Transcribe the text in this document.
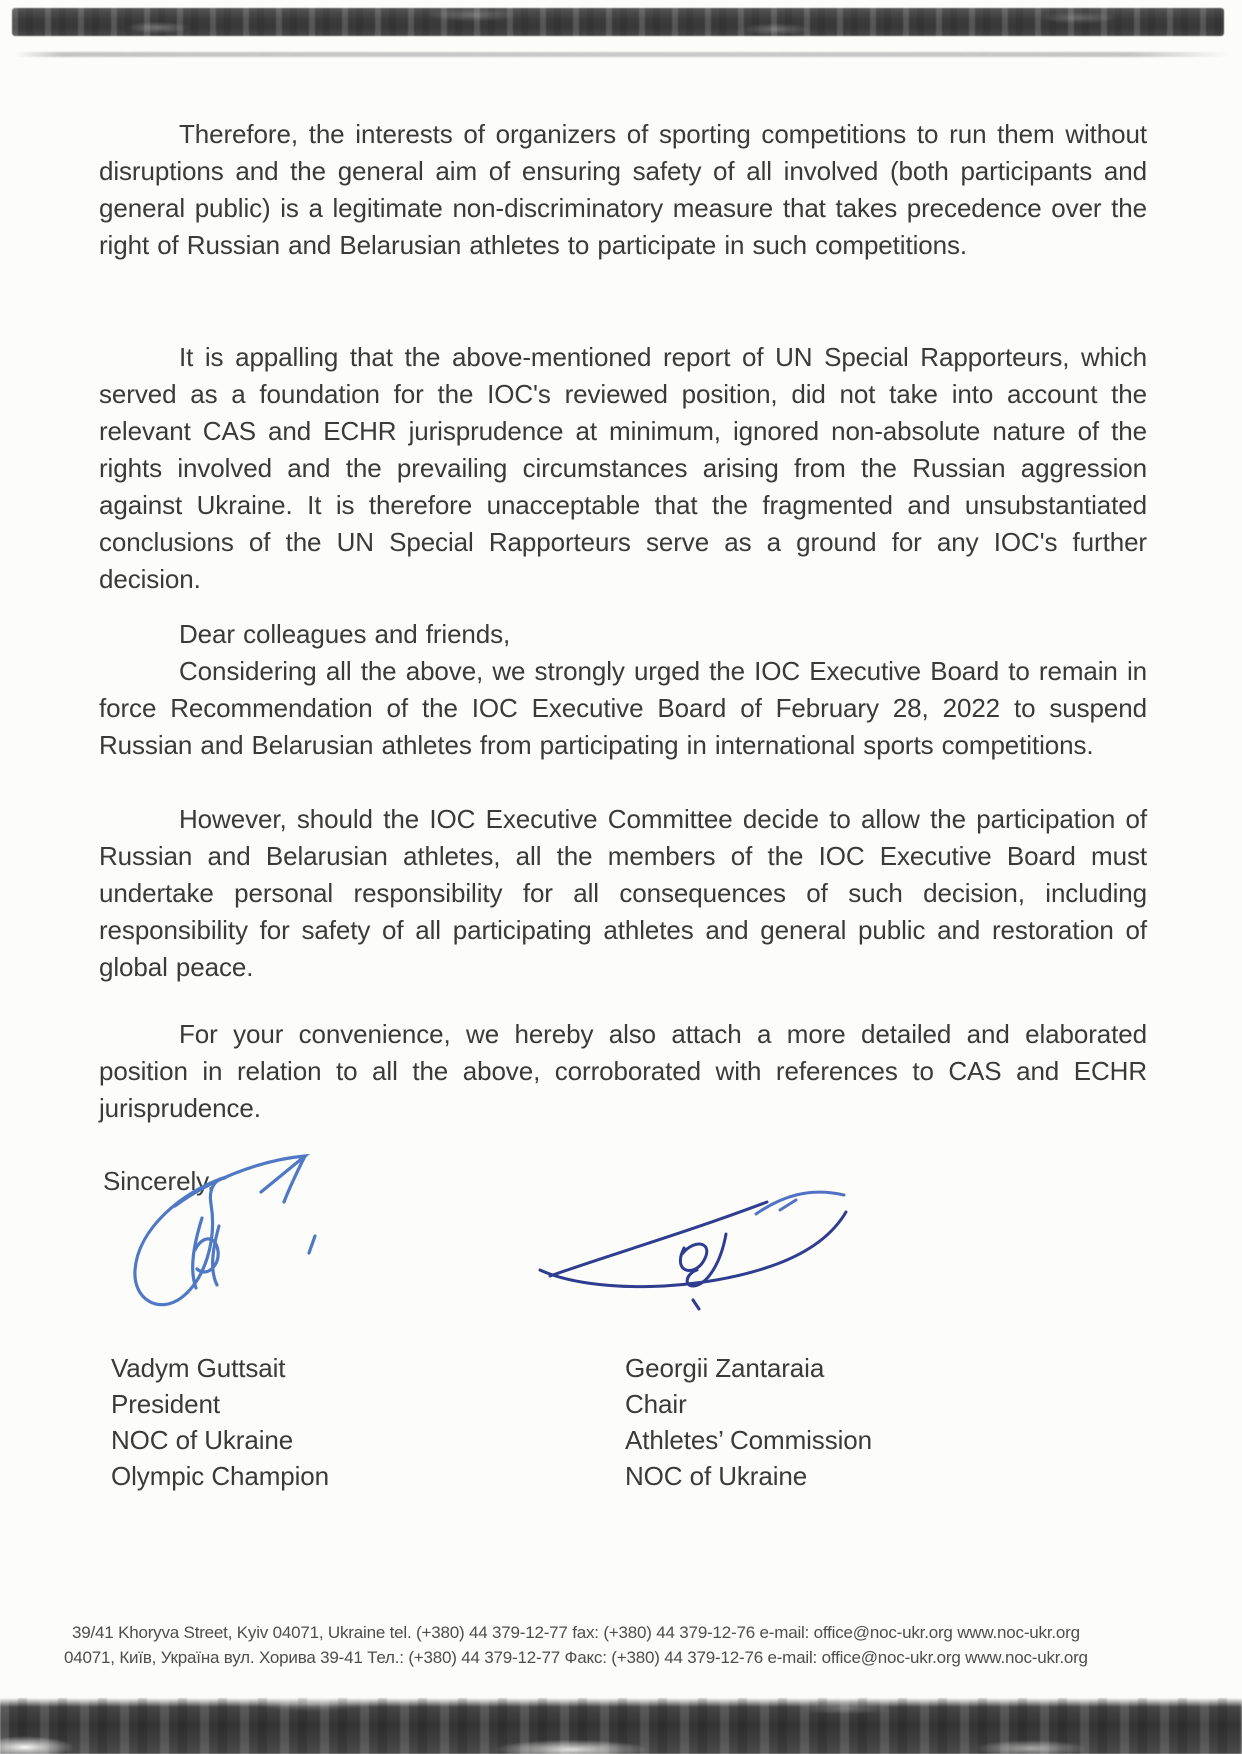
Therefore, the interests of organizers of sporting competitions to run them without disruptions and the general aim of ensuring safety of all involved (both participants and general public) is a legitimate non-discriminatory measure that takes precedence over the right of Russian and Belarusian athletes to participate in such competitions.

It is appalling that the above-mentioned report of UN Special Rapporteurs, which served as a foundation for the IOC's reviewed position, did not take into account the relevant CAS and ECHR jurisprudence at minimum, ignored non-absolute nature of the rights involved and the prevailing circumstances arising from the Russian aggression against Ukraine. It is therefore unacceptable that the fragmented and unsubstantiated conclusions of the UN Special Rapporteurs serve as a ground for any IOC's further decision.

Dear colleagues and friends,

Considering all the above, we strongly urged the IOC Executive Board to remain in force Recommendation of the IOC Executive Board of February 28, 2022 to suspend Russian and Belarusian athletes from participating in international sports competitions.

However, should the IOC Executive Committee decide to allow the participation of Russian and Belarusian athletes, all the members of the IOC Executive Board must undertake personal responsibility for all consequences of such decision, including responsibility for safety of all participating athletes and general public and restoration of global peace.

For your convenience, we hereby also attach a more detailed and elaborated position in relation to all the above, corroborated with references to CAS and ECHR jurisprudence.

Sincerely,

Vadym Guttsait
President
NOC of Ukraine
Olympic Champion
Georgii Zantaraia
Chair
Athletes’ Commission
NOC of Ukraine
39/41 Khoryva Street, Kyiv 04071, Ukraine tel. (+380) 44 379-12-77 fax: (+380) 44 379-12-76 e-mail: office@noc-ukr.org www.noc-ukr.org
04071, Київ, Україна вул. Хорива 39-41 Тел.: (+380) 44 379-12-77 Факс: (+380) 44 379-12-76 e-mail: office@noc-ukr.org www.noc-ukr.org
